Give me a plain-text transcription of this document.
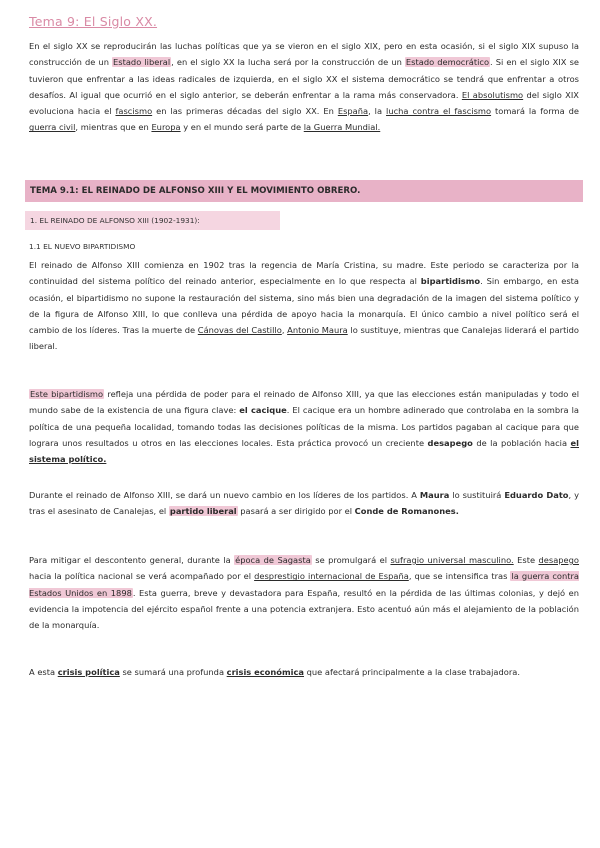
Tema 9: El Siglo XX.

En el siglo XX se reproducirán las luchas políticas que ya se vieron en el siglo XIX, pero en esta ocasión, si el siglo XIX supuso la construcción de un Estado liberal, en el siglo XX la lucha será por la construcción de un Estado democrático. Si en el siglo XIX se tuvieron que enfrentar a las ideas radicales de izquierda, en el siglo XX el sistema democrático se tendrá que enfrentar a otros desafíos. Al igual que ocurrió en el siglo anterior, se deberán enfrentar a la rama más conservadora. El absolutismo del siglo XIX evoluciona hacia el fascismo en las primeras décadas del siglo XX. En España, la lucha contra el fascismo tomará la forma de guerra civil, mientras que en Europa y en el mundo será parte de la Guerra Mundial.

TEMA 9.1: EL REINADO DE ALFONSO XIII Y EL MOVIMIENTO OBRERO.
1. EL REINADO DE ALFONSO XIII (1902-1931):
1.1 EL NUEVO BIPARTIDISMO

El reinado de Alfonso XIII comienza en 1902 tras la regencia de María Cristina, su madre. Este periodo se caracteriza por la continuidad del sistema político del reinado anterior, especialmente en lo que respecta al bipartidismo. Sin embargo, en esta ocasión, el bipartidismo no supone la restauración del sistema, sino más bien una degradación de la imagen del sistema político y de la figura de Alfonso XIII, lo que conlleva una pérdida de apoyo hacia la monarquía. El único cambio a nivel político será el cambio de los líderes. Tras la muerte de Cánovas del Castillo, Antonio Maura lo sustituye, mientras que Canalejas liderará el partido liberal.

Este bipartidismo refleja una pérdida de poder para el reinado de Alfonso XIII, ya que las elecciones están manipuladas y todo el mundo sabe de la existencia de una figura clave: el cacique. El cacique era un hombre adinerado que controlaba en la sombra la política de una pequeña localidad, tomando todas las decisiones políticas de la misma. Los partidos pagaban al cacique para que lograra unos resultados u otros en las elecciones locales. Esta práctica provocó un creciente desapego de la población hacia el sistema político.

Durante el reinado de Alfonso XIII, se dará un nuevo cambio en los líderes de los partidos. A Maura lo sustituirá Eduardo Dato, y tras el asesinato de Canalejas, el partido liberal pasará a ser dirigido por el Conde de Romanones.

Para mitigar el descontento general, durante la época de Sagasta se promulgará el sufragio universal masculino. Este desapego hacia la política nacional se verá acompañado por el desprestigio internacional de España, que se intensifica tras la guerra contra Estados Unidos en 1898. Esta guerra, breve y devastadora para España, resultó en la pérdida de las últimas colonias, y dejó en evidencia la impotencia del ejército español frente a una potencia extranjera. Esto acentuó aún más el alejamiento de la población de la monarquía.

A esta crisis política se sumará una profunda crisis económica que afectará principalmente a la clase trabajadora.
